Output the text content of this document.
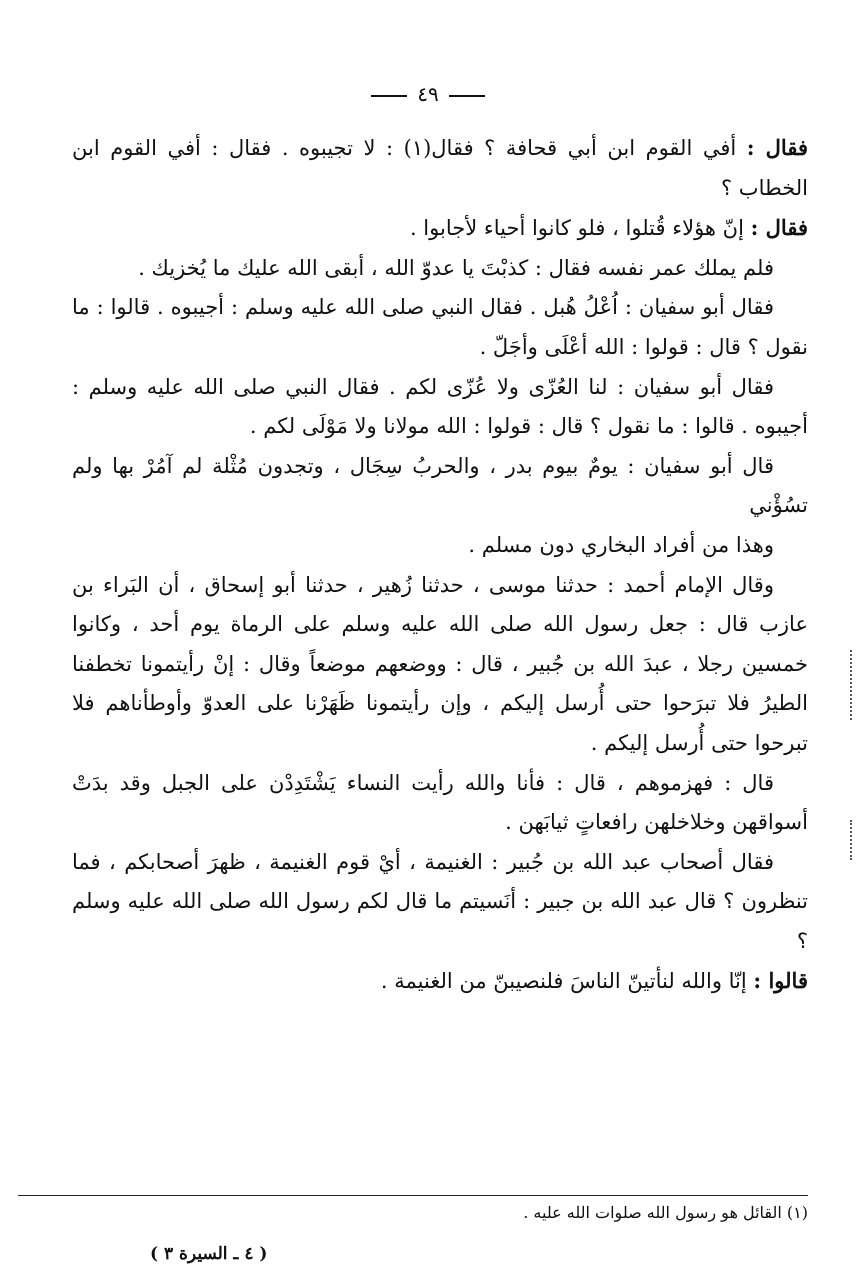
٤٩

فقال : أفي القوم ابن أبي قحافة ؟ فقال(١) : لا تجيبوه . فقال : أفي القوم ابن الخطاب ؟

فقال : إنّ هؤلاء قُتلوا ، فلو كانوا أحياء لأجابوا .

فلم يملك عمر نفسه فقال : كذبْتَ يا عدوّ الله ، أبقى الله عليك ما يُخزيك .

فقال أبو سفيان : اُعْلُ هُبل . فقال النبي صلى الله عليه وسلم : أجيبوه . قالوا : ما نقول ؟ قال : قولوا : الله أعْلَى وأجَلّ .

فقال أبو سفيان : لنا العُزّى ولا عُزّى لكم . فقال النبي صلى الله عليه وسلم : أجيبوه . قالوا : ما نقول ؟ قال : قولوا : الله مولانا ولا مَوْلَى لكم .

قال أبو سفيان : يومٌ بيوم بدر ، والحربُ سِجَال ، وتجدون مُثْلة لم آمُرْ بها ولم تسُؤْني

وهذا من أفراد البخاري دون مسلم .

وقال الإمام أحمد : حدثنا موسى ، حدثنا زُهير ، حدثنا أبو إسحاق ، أن البَراء بن عازب قال : جعل رسول الله صلى الله عليه وسلم على الرماة يوم أحد ، وكانوا خمسين رجلا ، عبدَ الله بن جُبير ، قال : ووضعهم موضعاً وقال : إنْ رأيتمونا تخطفنا الطيرُ فلا تبرَحوا حتى أُرسل إليكم ، وإن رأيتمونا ظَهَرْنا على العدوّ وأوطأناهم فلا تبرحوا حتى أُرسل إليكم .

قال : فهزموهم ، قال : فأنا والله رأيت النساء يَشْتَدِدْن على الجبل وقد بدَتْ أسواقهن وخلاخلهن رافعاتٍ ثيابَهن .

فقال أصحاب عبد الله بن جُبير : الغنيمة ، أيْ قوم الغنيمة ، ظهرَ أصحابكم ، فما تنظرون ؟ قال عبد الله بن جبير : أنَسيتم ما قال لكم رسول الله صلى الله عليه وسلم ؟

قالوا : إنّا والله لنأتينّ الناسَ فلنصيبنّ من الغنيمة .

(١) القائل هو رسول الله صلوات الله عليه .
( ٤ ـ السيرة ٣ )
